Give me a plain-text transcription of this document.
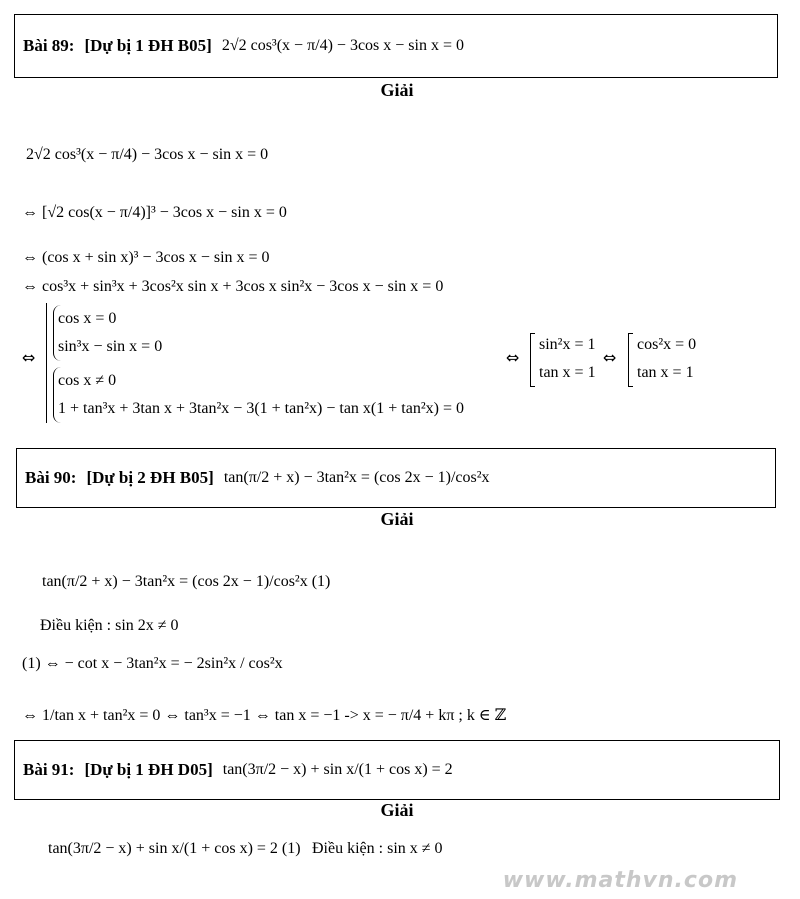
Bài 89: [Dự bị 1 ĐH B05] 2√2 cos³(x − π/4) − 3cos x − sin x = 0
Giải
2√2 cos³(x − π/4) − 3cos x − sin x = 0
⇔ [√2 cos(x − π/4)]³ − 3cos x − sin x = 0
⇔ (cos x + sin x)³ − 3cos x − sin x = 0
⇔ cos³x + sin³x + 3cos²x sin x + 3cos x sin²x − 3cos x − sin x = 0
⇔
cos x = 0
sin³x − sin x = 0
cos x ≠ 0
1 + tan³x + 3tan x + 3tan²x − 3(1 + tan²x) − tan x(1 + tan²x) = 0
⇔
sin²x = 1
tan x = 1
⇔
cos²x = 0
tan x = 1
Bài 90: [Dự bị 2 ĐH B05] tan(π/2 + x) − 3tan²x = (cos 2x − 1)/cos²x
Giải
tan(π/2 + x) − 3tan²x = (cos 2x − 1)/cos²x (1)
Điều kiện : sin 2x ≠ 0
(1) ⇔ − cot x − 3tan²x = − 2sin²x / cos²x
⇔ 1/tan x + tan²x = 0 ⇔ tan³x = −1 ⇔ tan x = −1 -> x = − π/4 + kπ ; k ∈ ℤ
Bài 91: [Dự bị 1 ĐH D05] tan(3π/2 − x) + sin x/(1 + cos x) = 2
Giải
tan(3π/2 − x) + sin x/(1 + cos x) = 2 (1) Điều kiện : sin x ≠ 0
www.mathvn.com
